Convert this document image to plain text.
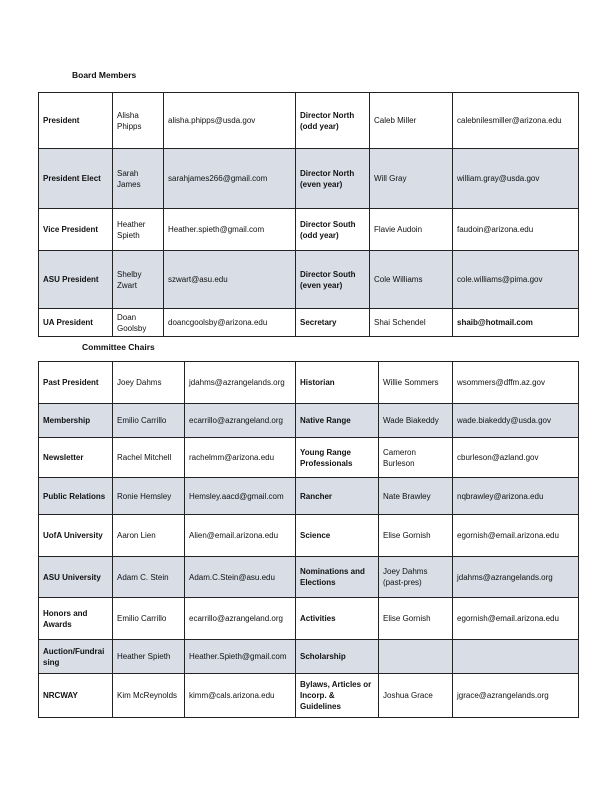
Board Members
President	Alisha Phipps	alisha.phipps@usda.gov	Director North (odd year)	Caleb Miller	calebnilesmiller@arizona.edu
President Elect	Sarah James	sarahjames266@gmail.com	Director North (even year)	Will Gray	william.gray@usda.gov
Vice President	Heather Spieth	Heather.spieth@gmail.com	Director South (odd year)	Flavie Audoin	faudoin@arizona.edu
ASU President	Shelby Zwart	szwart@asu.edu	Director South (even year)	Cole Williams	cole.williams@pima.gov
UA President	Doan Goolsby	doancgoolsby@arizona.edu	Secretary	Shai Schendel	shaib@hotmail.com
Committee Chairs
Past President	Joey Dahms	jdahms@azrangelands.org	Historian	Willie Sommers	wsommers@dffm.az.gov
Membership	Emilio Carrillo	ecarrillo@azrangeland.org	Native Range	Wade Biakeddy	wade.biakeddy@usda.gov
Newsletter	Rachel Mitchell	rachelmm@arizona.edu	Young Range Professionals	Cameron Burleson	cburleson@azland.gov
Public Relations	Ronie Hemsley	Hemsley.aacd@gmail.com	Rancher	Nate Brawley	nqbrawley@arizona.edu
UofA University	Aaron Lien	Alien@email.arizona.edu	Science	Elise Gornish	egornish@email.arizona.edu
ASU University	Adam C. Stein	Adam.C.Stein@asu.edu	Nominations and Elections	Joey Dahms (past-pres)	jdahms@azrangelands.org
Honors and Awards	Emilio Carrillo	ecarrillo@azrangeland.org	Activities	Elise Gornish	egornish@email.arizona.edu
Auction/Fundraising	Heather Spieth	Heather.Spieth@gmail.com	Scholarship		
NRCWAY	Kim McReynolds	kimm@cals.arizona.edu	Bylaws, Articles or Incorp. & Guidelines	Joshua Grace	jgrace@azrangelands.org
